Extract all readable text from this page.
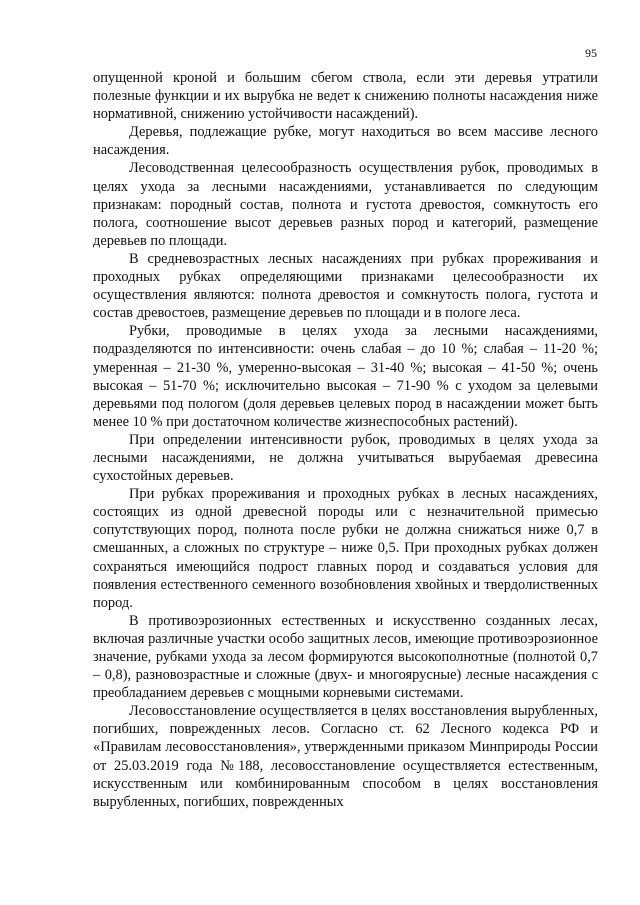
95

опущенной кроной и большим сбегом ствола, если эти деревья утратили полезные функции и их вырубка не ведет к снижению полноты насаждения ниже нормативной, снижению устойчивости насаждений).

Деревья, подлежащие рубке, могут находиться во всем массиве лесного насаждения.

Лесоводственная целесообразность осуществления рубок, проводимых в целях ухода за лесными насаждениями, устанавливается по следующим признакам: породный состав, полнота и густота древостоя, сомкнутость его полога, соотношение высот деревьев разных пород и категорий, размещение деревьев по площади.

В средневозрастных лесных насаждениях при рубках прореживания и проходных рубках определяющими признаками целесообразности их осуществления являются: полнота древостоя и сомкнутость полога, густота и состав древостоев, размещение деревьев по площади и в пологе леса.

Рубки, проводимые в целях ухода за лесными насаждениями, подразделяются по интенсивности: очень слабая – до 10 %; слабая – 11-20 %; умеренная – 21-30 %, умеренно-высокая – 31-40 %; высокая – 41-50 %; очень высокая – 51-70 %; исключительно высокая – 71-90 % с уходом за целевыми деревьями под пологом (доля деревьев целевых пород в насаждении может быть менее 10 % при достаточном количестве жизнеспособных растений).

При определении интенсивности рубок, проводимых в целях ухода за лесными насаждениями, не должна учитываться вырубаемая древесина сухостойных деревьев.

При рубках прореживания и проходных рубках в лесных насаждениях, состоящих из одной древесной породы или с незначительной примесью сопутствующих пород, полнота после рубки не должна снижаться ниже 0,7 в смешанных, а сложных по структуре – ниже 0,5. При проходных рубках должен сохраняться имеющийся подрост главных пород и создаваться условия для появления естественного семенного возобновления хвойных и твердолиственных пород.

В противоэрозионных естественных и искусственно созданных лесах, включая различные участки особо защитных лесов, имеющие противоэрозионное значение, рубками ухода за лесом формируются высокополнотные (полнотой 0,7 – 0,8), разновозрастные и сложные (двух- и многоярусные) лесные насаждения с преобладанием деревьев с мощными корневыми системами.

Лесовосстановление осуществляется в целях восстановления вырубленных, погибших, поврежденных лесов. Согласно ст. 62 Лесного кодекса РФ и «Правилам лесовосстановления», утвержденными приказом Минприроды России от 25.03.2019 года №188, лесовосстановление осуществляется естественным, искусственным или комбинированным способом в целях восстановления вырубленных, погибших, поврежденных
